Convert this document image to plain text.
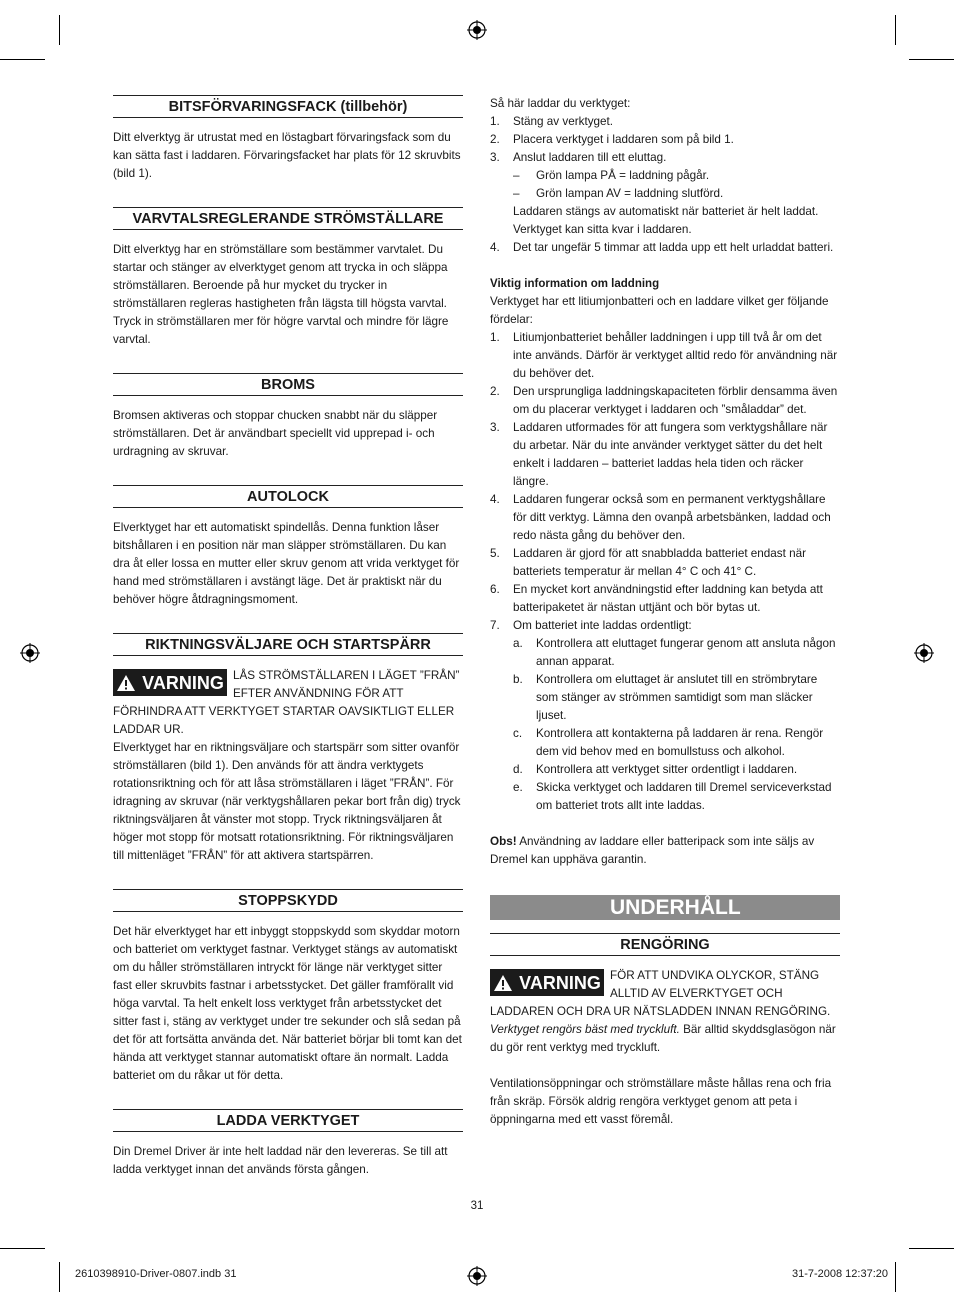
BITSFÖRVARINGSFACK (tillbehör)

Ditt elverktyg är utrustat med en löstagbart förvaringsfack som du kan sätta fast i laddaren. Förvaringsfacket har plats för 12 skruvbits (bild 1).

VARVTALSREGLERANDE STRÖMSTÄLLARE

Ditt elverktyg har en strömställare som bestämmer varvtalet. Du startar och stänger av elverktyget genom att trycka in och släppa strömställaren. Beroende på hur mycket du trycker in strömställaren regleras hastigheten från lägsta till högsta varvtal. Tryck in strömställaren mer för högre varvtal och mindre för lägre varvtal.

BROMS

Bromsen aktiveras och stoppar chucken snabbt när du släpper strömställaren. Det är användbart speciellt vid upprepad i- och urdragning av skruvar.

AUTOLOCK

Elverktyget har ett automatiskt spindellås. Denna funktion låser bitshållaren i en position när man släpper strömställaren. Du kan dra åt eller lossa en mutter eller skruv genom att vrida verktyget för hand med strömställaren i avstängt läge. Det är praktiskt när du behöver högre åtdragningsmoment.

RIKTNINGSVÄLJARE OCH STARTSPÄRR
VARNING LÅS STRÖMSTÄLLAREN I LÄGET ”FRÅN” EFTER ANVÄNDNING FÖR ATT FÖRHINDRA ATT VERKTYGET STARTAR OAVSIKTLIGT ELLER LADDAR UR.

Elverktyget har en riktningsväljare och startspärr som sitter ovanför strömställaren (bild 1). Den används för att ändra verktygets rotationsriktning och för att låsa strömställaren i läget ”FRÅN”. För idragning av skruvar (när verktygshållaren pekar bort från dig) tryck riktningsväljaren åt vänster mot stopp. Tryck riktningsväljaren åt höger mot stopp för motsatt rotationsriktning. För riktningsväljaren till mittenläget ”FRÅN” för att aktivera startspärren.

STOPPSKYDD

Det här elverktyget har ett inbyggt stoppskydd som skyddar motorn och batteriet om verktyget fastnar. Verktyget stängs av automatiskt om du håller strömställaren intryckt för länge när verktyget sitter fast eller skruvbits fastnar i arbetsstycket. Det gäller framförallt vid höga varvtal. Ta helt enkelt loss verktyget från arbetsstycket det sitter fast i, stäng av verktyget under tre sekunder och slå sedan på det för att fortsätta använda det. När batteriet börjar bli tomt kan det hända att verktyget stannar automatiskt oftare än normalt. Ladda batteriet om du råkar ut för detta.

LADDA VERKTYGET

Din Dremel Driver är inte helt laddad när den levereras. Se till att ladda verktyget innan det används första gången.

Så här laddar du verktyget:

1. Stäng av verktyget.
2. Placera verktyget i laddaren som på bild 1.
3. Anslut laddaren till ett eluttag.
– Grön lampa PÅ = laddning pågår.
– Grön lampan AV = laddning slutförd.

Laddaren stängs av automatiskt när batteriet är helt laddat. Verktyget kan sitta kvar i laddaren.

4. Det tar ungefär 5 timmar att ladda upp ett helt urladdat batteri.

Viktig information om laddning

Verktyget har ett litiumjonbatteri och en laddare vilket ger följande fördelar:

1. Litiumjonbatteriet behåller laddningen i upp till två år om det inte används. Därför är verktyget alltid redo för användning när du behöver det.
2. Den ursprungliga laddningskapaciteten förblir densamma även om du placerar verktyget i laddaren och ”småladdar” det.
3. Laddaren utformades för att fungera som verktygshållare när du arbetar. När du inte använder verktyget sätter du det helt enkelt i laddaren – batteriet laddas hela tiden och räcker längre.
4. Laddaren fungerar också som en permanent verktygshållare för ditt verktyg. Lämna den ovanpå arbetsbänken, laddad och redo nästa gång du behöver den.
5. Laddaren är gjord för att snabbladda batteriet endast när batteriets temperatur är mellan 4° C och 41° C.
6. En mycket kort användningstid efter laddning kan betyda att batteripaketet är nästan uttjänt och bör bytas ut.
7. Om batteriet inte laddas ordentligt:
a. Kontrollera att eluttaget fungerar genom att ansluta någon annan apparat.
b. Kontrollera om eluttaget är anslutet till en strömbrytare som stänger av strömmen samtidigt som man släcker ljuset.
c. Kontrollera att kontakterna på laddaren är rena. Rengör dem vid behov med en bomullstuss och alkohol.
d. Kontrollera att verktyget sitter ordentligt i laddaren.
e. Skicka verktyget och laddaren till Dremel serviceverkstad om batteriet trots allt inte laddas.

Obs! Användning av laddare eller batteripack som inte säljs av Dremel kan upphäva garantin.

UNDERHÅLL
RENGÖRING
VARNING FÖR ATT UNDVIKA OLYCKOR, STÄNG ALLTID AV ELVERKTYGET OCH LADDAREN OCH DRA UR NÄTSLADDEN INNAN RENGÖRING. Verktyget rengörs bäst med tryckluft. Bär alltid skyddsglasögon när du gör rent verktyg med tryckluft.

Ventilationsöppningar och strömställare måste hållas rena och fria från skräp. Försök aldrig rengöra verktyget genom att peta i öppningarna med ett vasst föremål.

31
2610398910-Driver-0807.indb 31	31-7-2008 12:37:20
